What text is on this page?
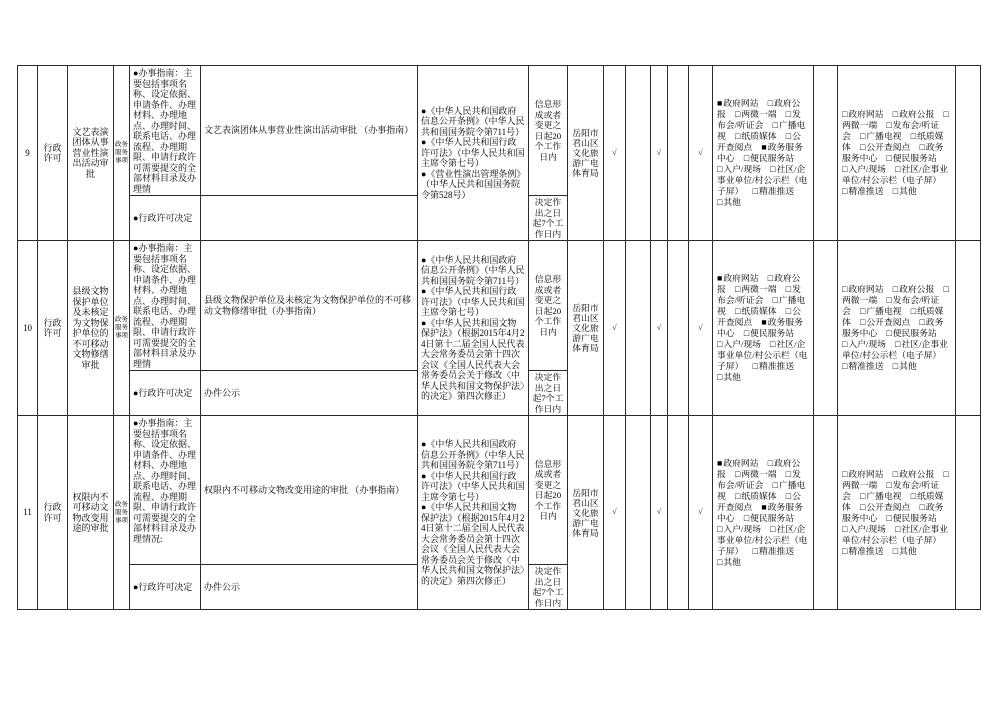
9	行政许可	文艺表演团体从事营业性演出活动审批	政务服务事项	●办事指南：主要包括事项名称、设定依据、申请条件、办理材料、办理地点、办理时间、联系电话、办理流程、办理期限、申请行政许可需要提交的全部材料目录及办理情	文艺表演团体从事营业性演出活动审批 （办事指南）	●《中华人民共和国政府信息公开条例》（中华人民共和国国务院令第711号）
●《中华人民共和国行政许可法》（中华人民共和国主席令第七号）
●《营业性演出管理条例》（中华人民共和国国务院令第528号）	信息形成或者变更之日起20个工作日内	岳阳市君山区文化旅游广电体育局	√		√		√	■政府网站 □政府公报 □两微一端 □发布会/听证会 □广播电视 □纸质媒体 □公开查阅点 ■政务服务中心 □便民服务站 □入户/现场 □社区/企事业单位/村公示栏（电子屏） □精准推送 □其他		□政府网站 □政府公报 □两微一端 □发布会/听证会 □广播电视 □纸质媒体 □公开查阅点 □政务服务中心 □便民服务站 □入户/现场 □社区/企事业单位/村公示栏（电子屏） □精准推送 □其他	
				●行政许可决定			决定作出之日起7个工作日内										
10	行政许可	县级文物保护单位及未核定为文物保护单位的不可移动文物修缮审批	政务服务事项	●办事指南：主要包括事项名称、设定依据、申请条件、办理材料、办理地点、办理时间、联系电话、办理流程、办理期限、申请行政许可需要提交的全部材料目录及办理情	县级文物保护单位及未核定为文物保护单位的不可移动文物修缮审批（办事指南）	●《中华人民共和国政府信息公开条例》（中华人民共和国国务院令第711号）
●《中华人民共和国行政许可法》（中华人民共和国主席令第七号）
●《中华人民共和国文物保护法》（根据2015年4月24日第十二届全国人民代表大会常务委员会第十四次会议《全国人民代表大会常务委员会关于修改〈中华人民共和国文物保护法〉的决定》第四次修正）	信息形成或者变更之日起20个工作日内	岳阳市君山区文化旅游广电体育局	√		√		√	■政府网站 □政府公报 □两微一端 □发布会/听证会 □广播电视 □纸质媒体 □公开查阅点 ■政务服务中心 □便民服务站 □入户/现场 □社区/企事业单位/村公示栏（电子屏） □精准推送 □其他		□政府网站 □政府公报 □两微一端 □发布会/听证会 □广播电视 □纸质媒体 □公开查阅点 □政务服务中心 □便民服务站 □入户/现场 □社区/企事业单位/村公示栏（电子屏） □精准推送 □其他	
				●行政许可决定	办件公示		决定作出之日起7个工作日内										
11	行政许可	权限内不可移动文物改变用途的审批	政务服务事项	●办事指南：主要包括事项名称、设定依据、申请条件、办理材料、办理地点、办理时间、联系电话、办理流程、办理期限、申请行政许可需要提交的全部材料目录及办理情况:	权限内不可移动文物改变用途的审批 （办事指南）	●《中华人民共和国政府信息公开条例》（中华人民共和国国务院令第711号）
●《中华人民共和国行政许可法》（中华人民共和国主席令第七号）
●《中华人民共和国文物保护法》（根据2015年4月24日第十二届全国人民代表大会常务委员会第十四次会议《全国人民代表大会常务委员会关于修改〈中华人民共和国文物保护法〉的决定》第四次修正）	信息形成或者变更之日起20个工作日内	岳阳市君山区文化旅游广电体育局	√		√		√	■政府网站 □政府公报 □两微一端 □发布会/听证会 □广播电视 □纸质媒体 □公开查阅点 ■政务服务中心 □便民服务站 □入户/现场 □社区/企事业单位/村公示栏（电子屏） □精准推送 □其他		□政府网站 □政府公报 □两微一端 □发布会/听证会 □广播电视 □纸质媒体 □公开查阅点 □政务服务中心 □便民服务站 □入户/现场 □社区/企事业单位/村公示栏（电子屏） □精准推送 □其他	
				●行政许可决定	办件公示		决定作出之日起7个工作日内										
